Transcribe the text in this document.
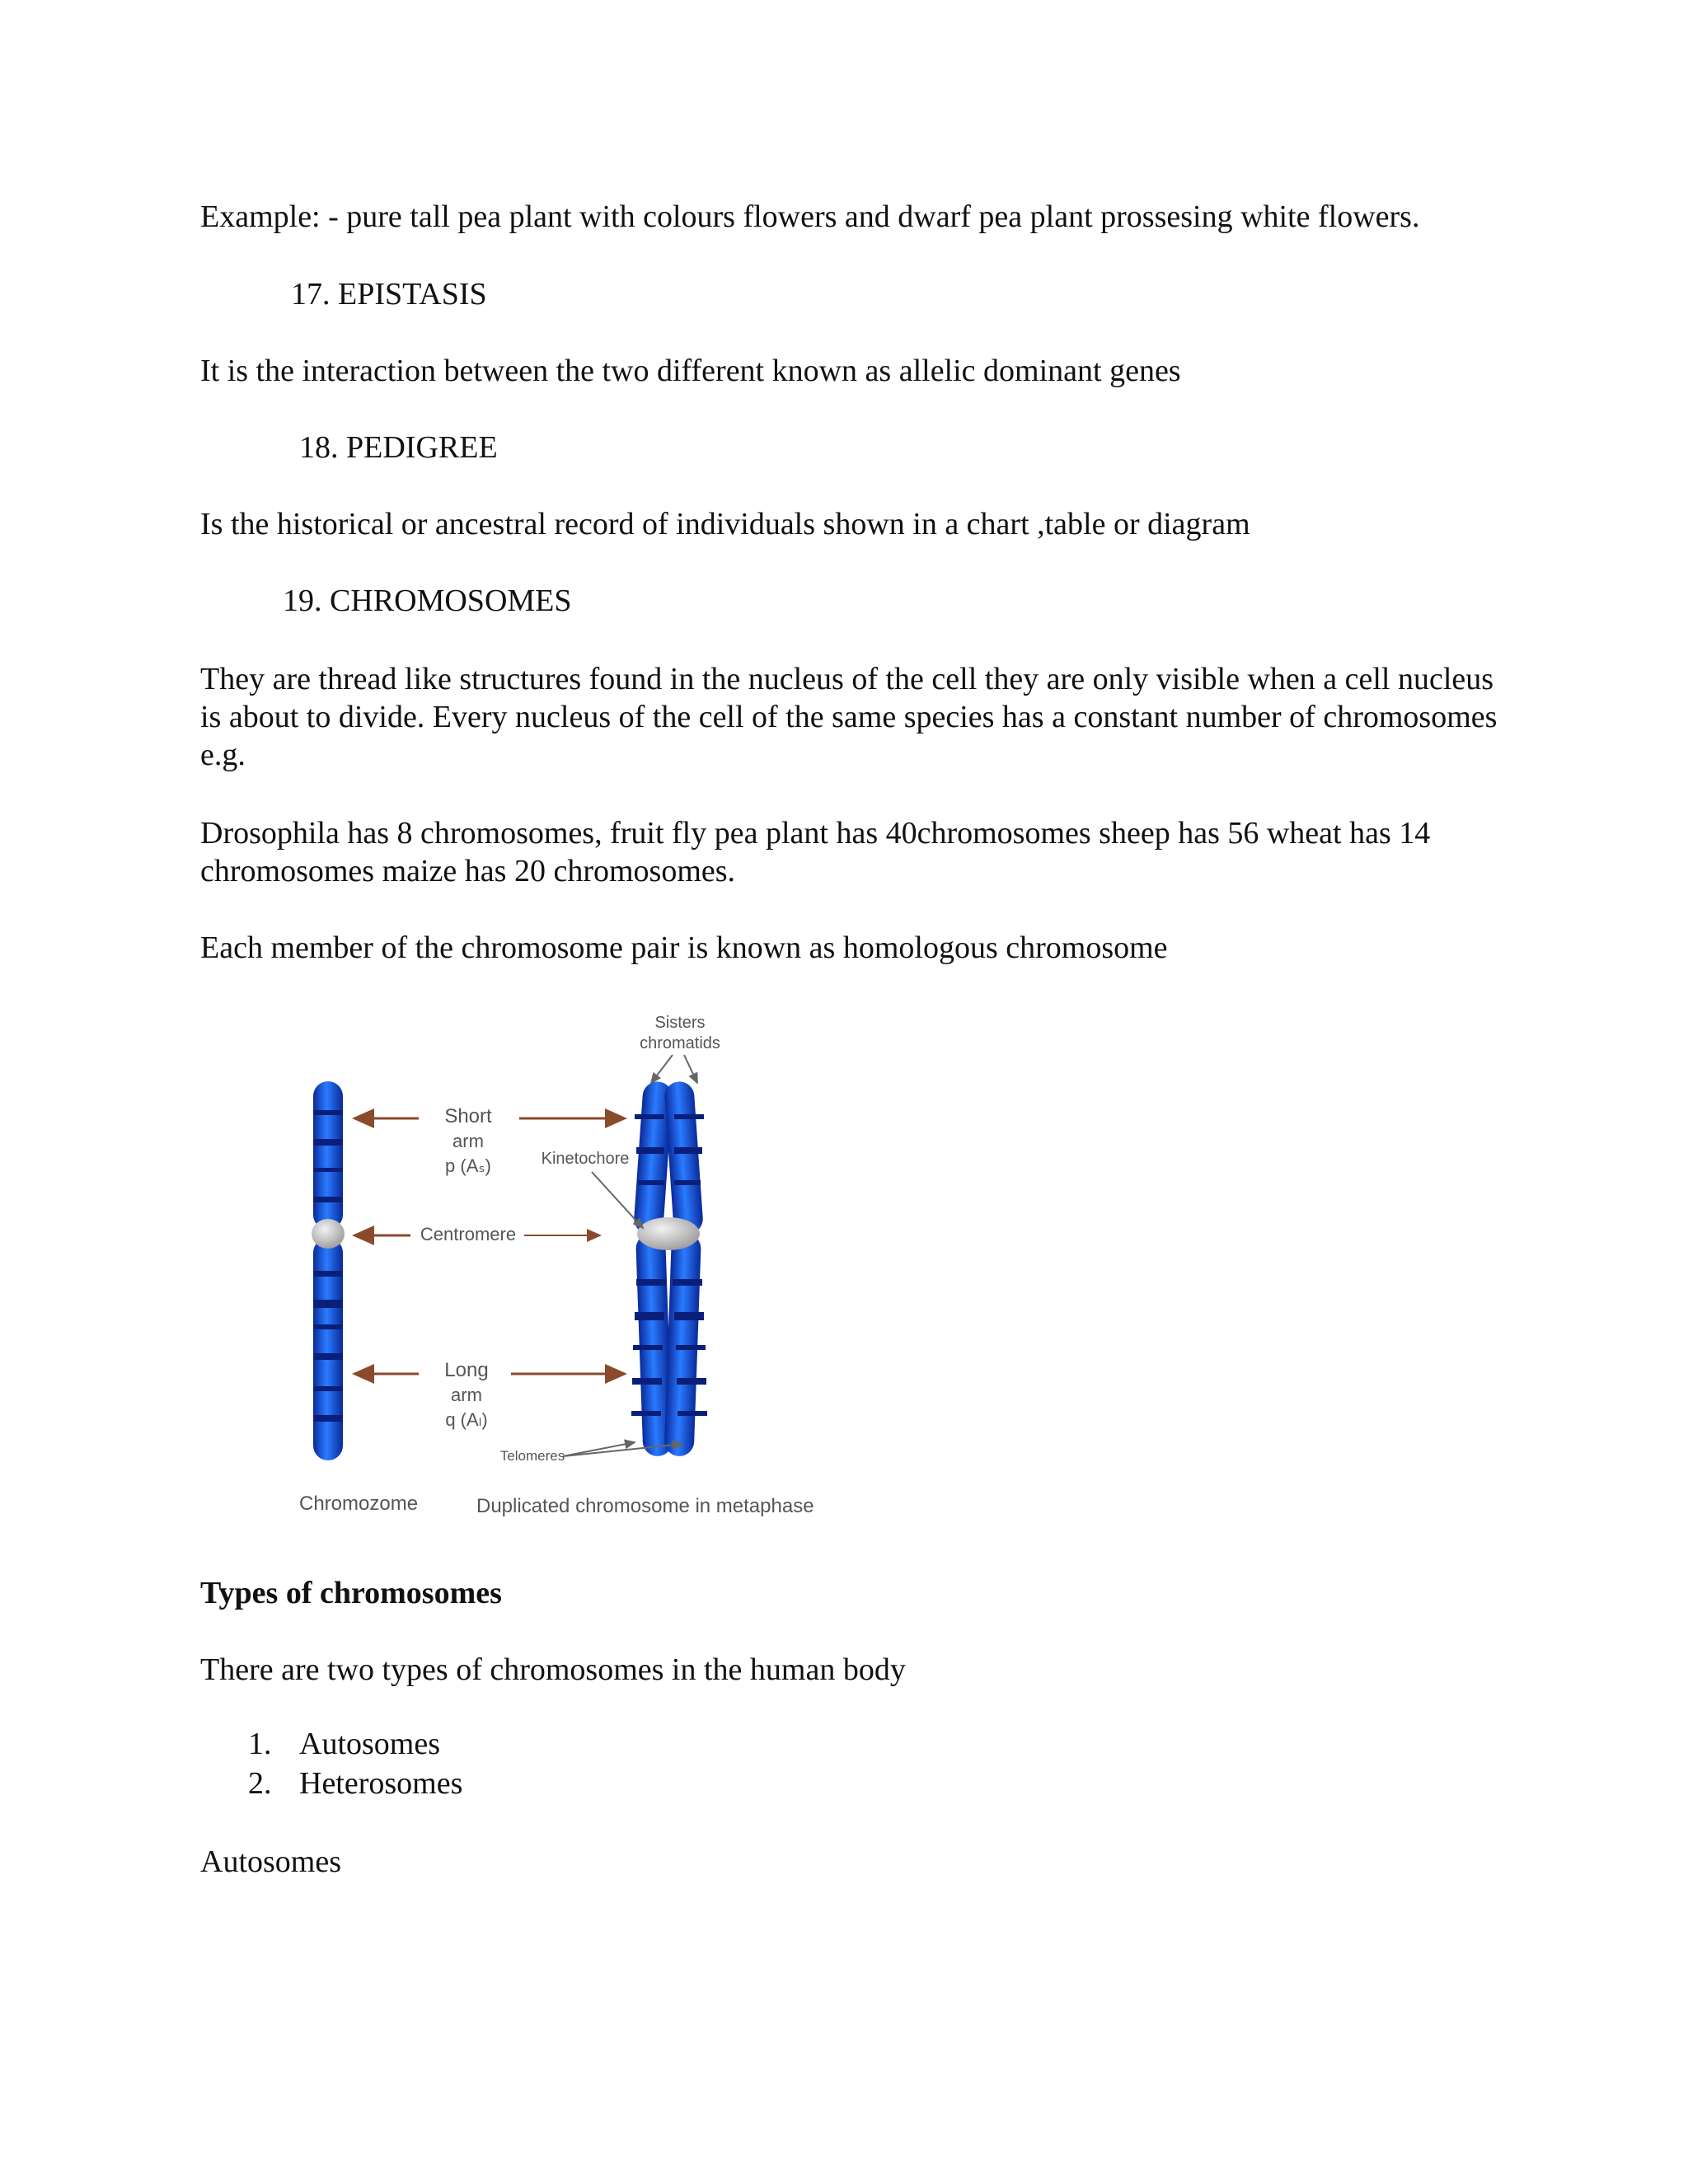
Example: - pure tall pea plant with colours flowers and dwarf pea plant prossesing white flowers.
17. EPISTASIS
It is the interaction between the two different known as allelic dominant genes
18. PEDIGREE
Is the historical or ancestral record of individuals shown in a chart ,table or diagram
19. CHROMOSOMES
They are thread like structures found in the nucleus of the cell they are only visible when a cell nucleus is about to divide. Every nucleus of the cell of the same species has a constant number of chromosomes e.g.
Drosophila has 8 chromosomes, fruit fly pea plant has 40chromosomes sheep has 56 wheat has 14 chromosomes maize has 20 chromosomes.
Each member of the chromosome pair is known as homologous chromosome
Sisters
chromatids
Short
arm
p (Aₛ)	Kinetochore
Centromere
Long
arm
q (Aₗ)
Telomeres
Chromozome	Duplicated chromosome in metaphase
Types of chromosomes
There are two types of chromosomes in the human body
1. Autosomes
2. Heterosomes
Autosomes
